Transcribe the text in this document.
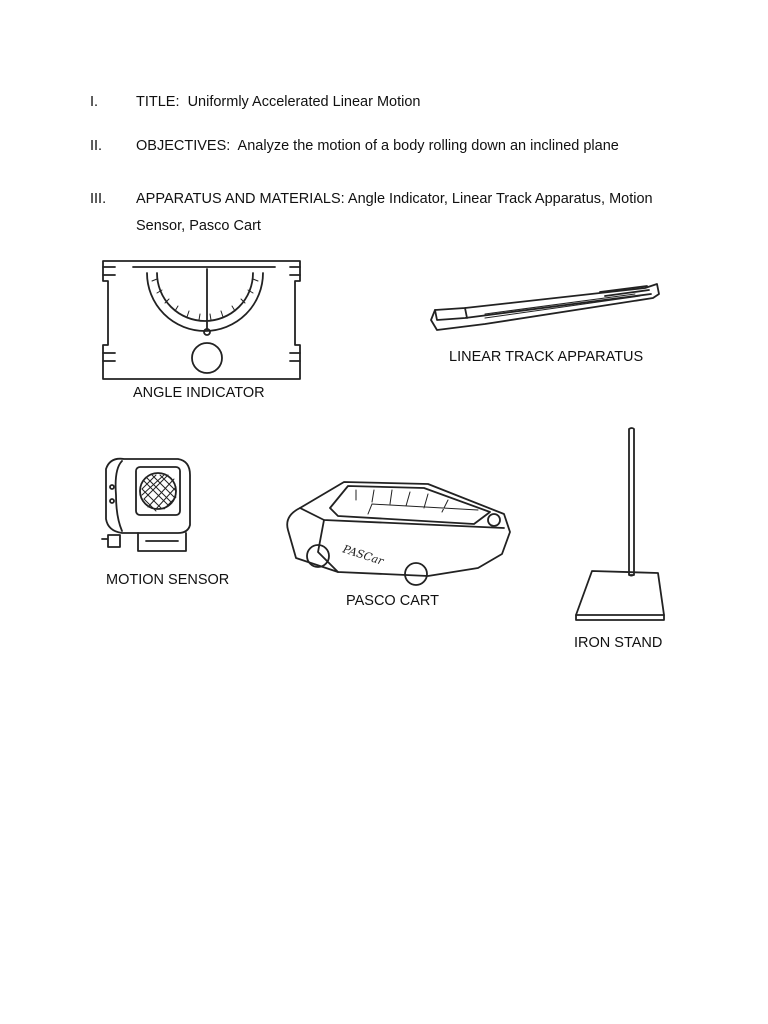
I.	TITLE: Uniformly Accelerated Linear Motion
II. OBJECTIVES: Analyze the motion of a body rolling down an inclined plane
III. APPARATUS AND MATERIALS: Angle Indicator, Linear Track Apparatus, Motion Sensor, Pasco Cart
ANGLE INDICATOR
LINEAR TRACK APPARATUS
MOTION SENSOR
PASCar
PASCO CART
IRON STAND
